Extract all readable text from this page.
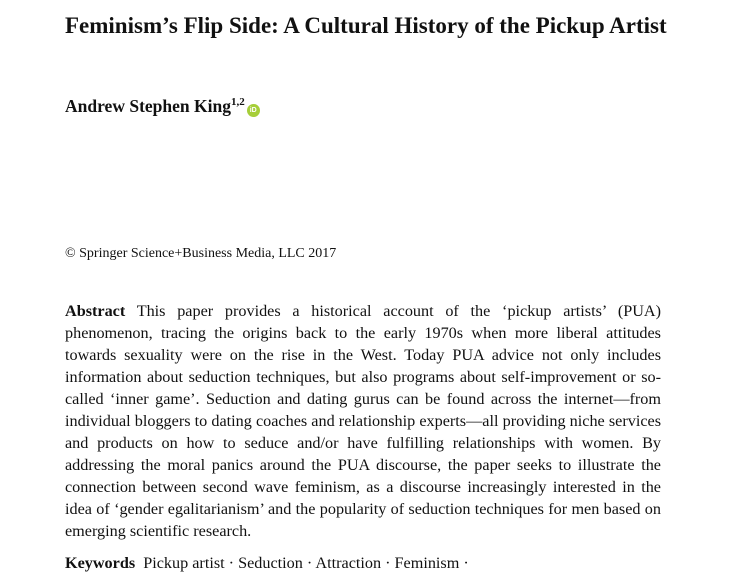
Feminism’s Flip Side: A Cultural History of the Pickup Artist
Andrew Stephen King$^{1,2}$iD
© Springer Science+Business Media, LLC 2017

Abstract This paper provides a historical account of the ‘pickup artists’ (PUA) phenomenon, tracing the origins back to the early 1970s when more liberal attitudes towards sexuality were on the rise in the West. Today PUA advice not only includes information about seduction techniques, but also programs about self-improvement or so-called ‘inner game’. Seduction and dating gurus can be found across the internet—from individual bloggers to dating coaches and relationship experts—all providing niche services and products on how to seduce and/or have fulfilling relationships with women. By addressing the moral panics around the PUA discourse, the paper seeks to illustrate the connection between second wave feminism, as a discourse increasingly interested in the idea of ‘gender egalitarianism’ and the popularity of seduction techniques for men based on emerging scientific research.

Keywords Pickup artist · Seduction · Attraction · Feminism ·
